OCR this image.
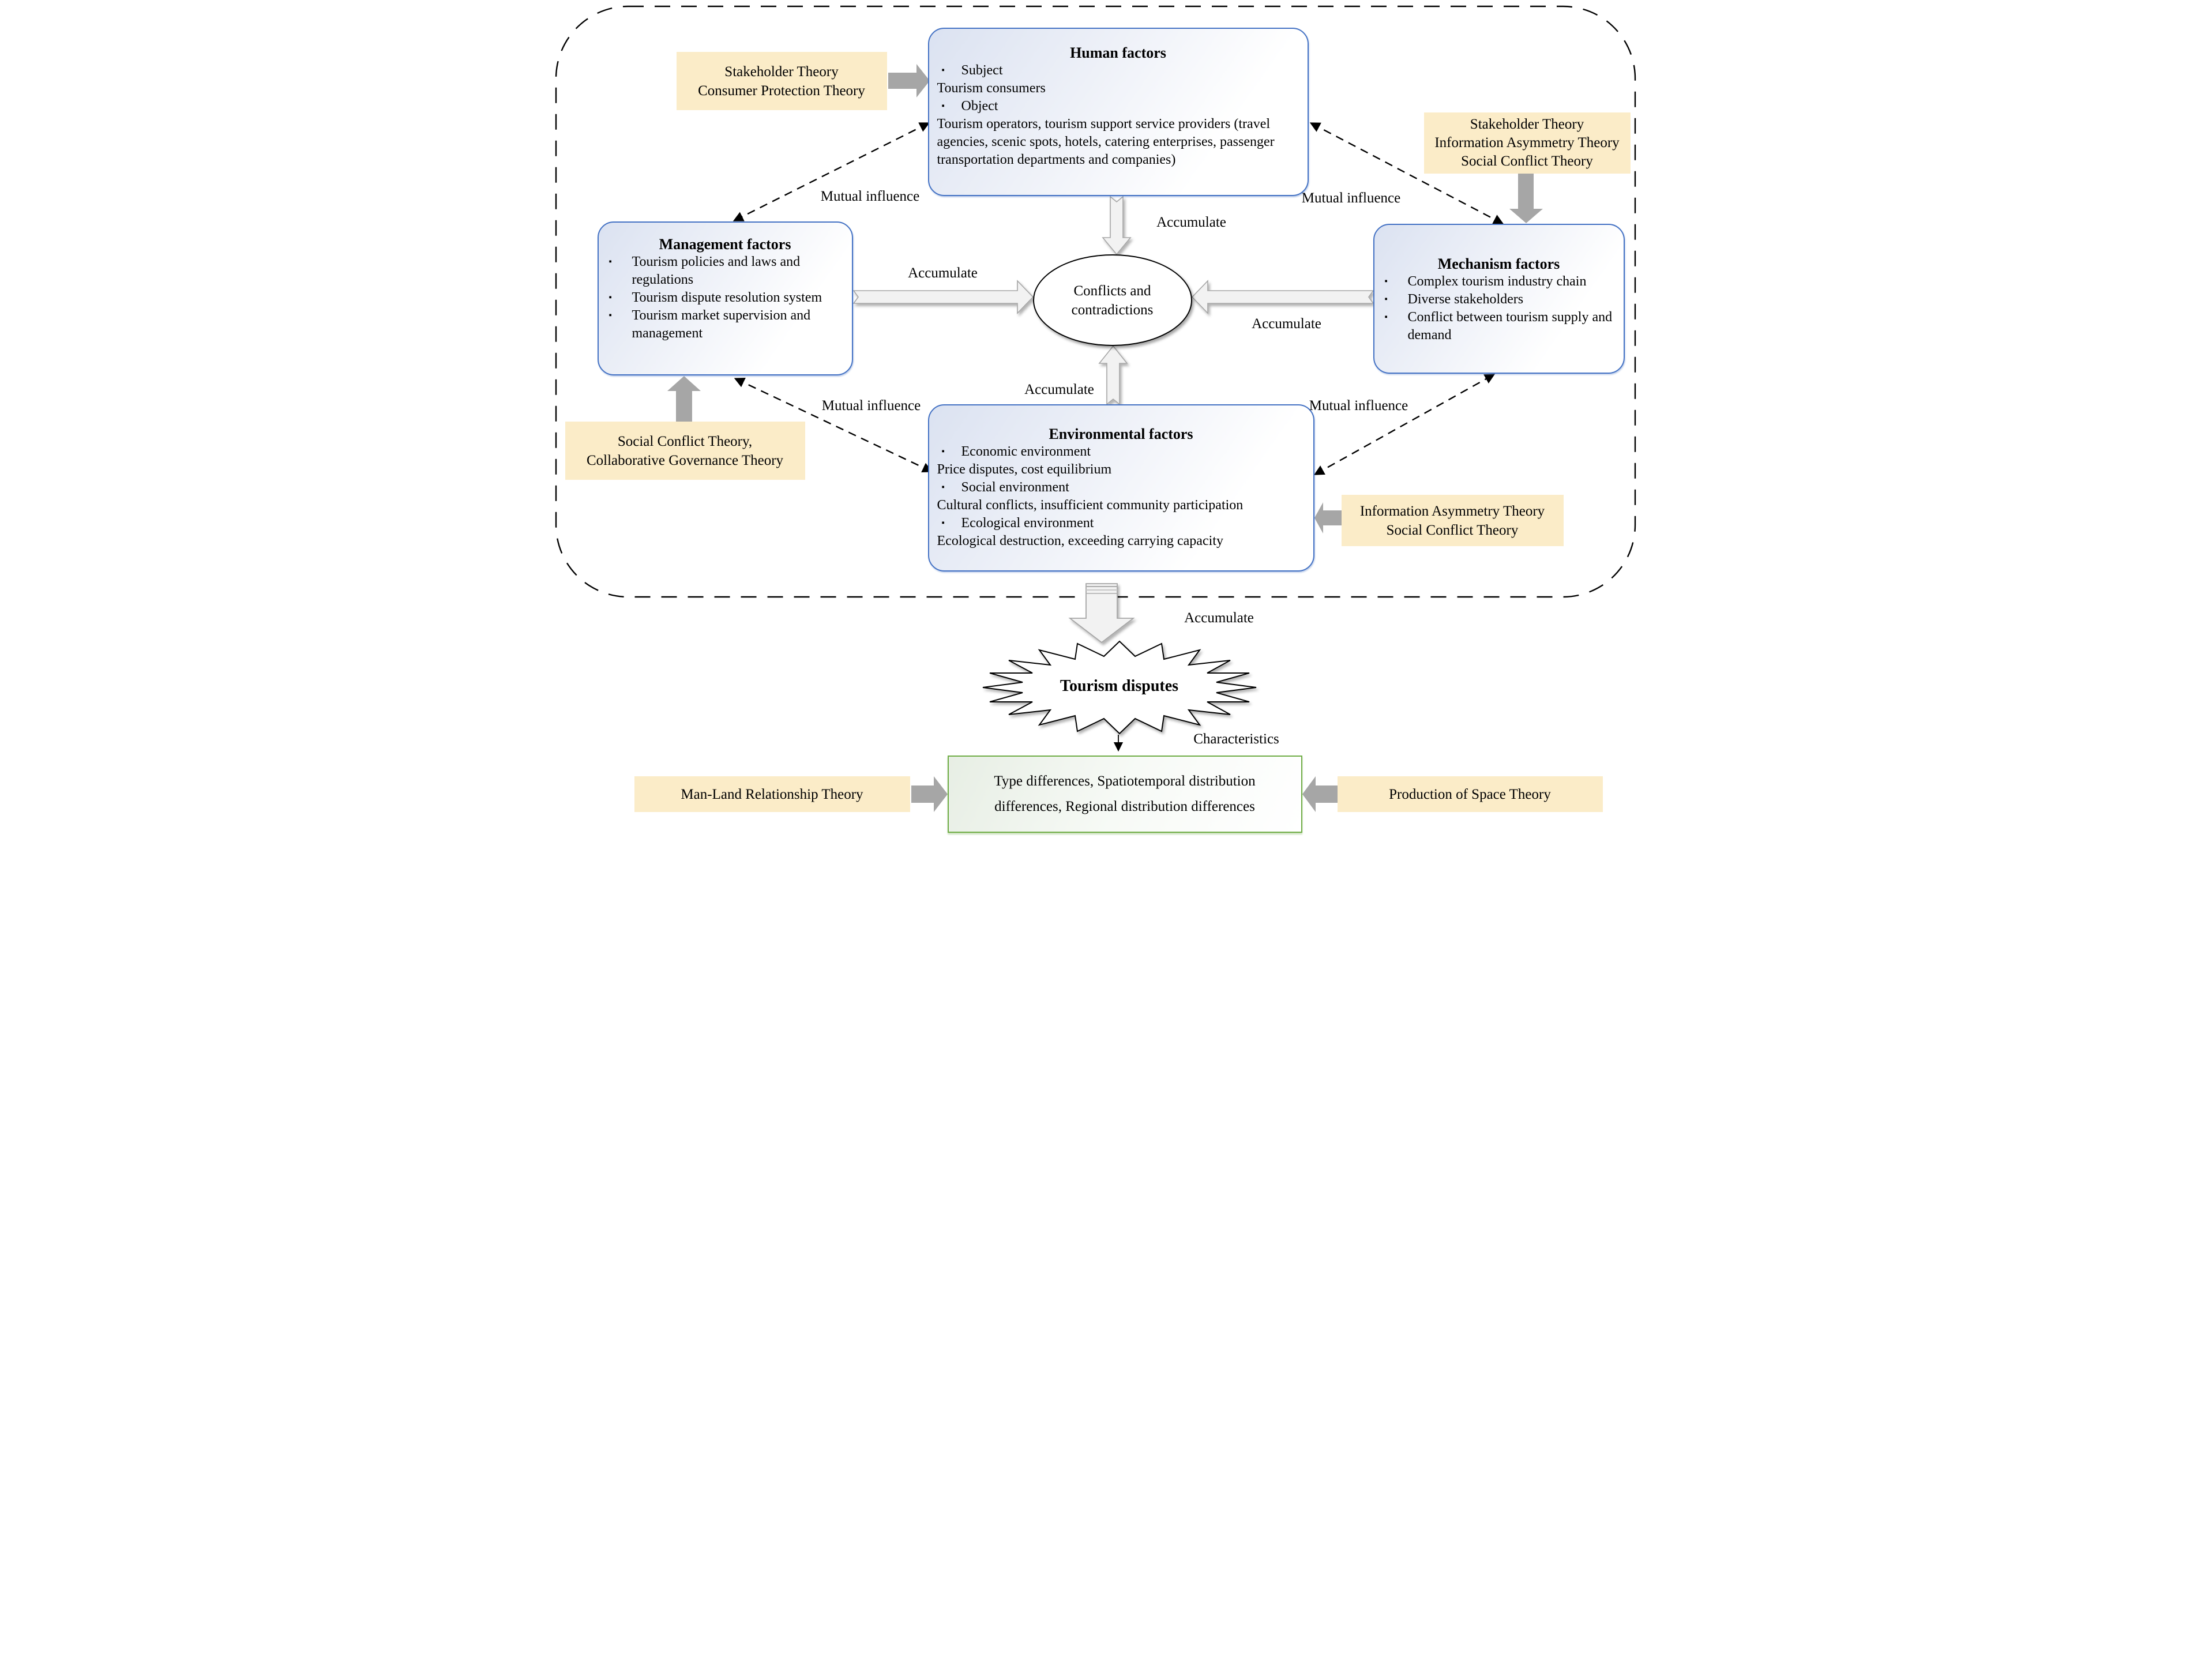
Human factors
▪	Subject
Tourism consumers
▪	Object
Tourism operators, tourism support service providers (travel agencies, scenic spots, hotels, catering enterprises, passenger transportation departments and companies)
Management factors
▪	Tourism policies and laws and regulations
▪	Tourism dispute resolution system
▪	Tourism market supervision and management
Mechanism factors
▪	Complex tourism industry chain
▪	Diverse stakeholders
▪	Conflict between tourism supply and demand
Environmental factors
▪	Economic environment
Price disputes, cost equilibrium
▪	Social environment
Cultural conflicts, insufficient community participation
▪	Ecological environment
Ecological destruction, exceeding carrying capacity
Stakeholder Theory
Consumer Protection Theory
Stakeholder Theory
Information Asymmetry Theory
Social Conflict Theory
Social Conflict Theory,
Collaborative Governance Theory
Information Asymmetry Theory
Social Conflict Theory
Man-Land Relationship Theory	Production of Space Theory
Conflicts and
contradictions
Type differences, Spatiotemporal distribution differences, Regional distribution differences
Mutual influence	Mutual influence
Mutual influence	Mutual influence
Accumulate
Accumulate
Accumulate
Accumulate
Accumulate
Characteristics
Tourism disputes
